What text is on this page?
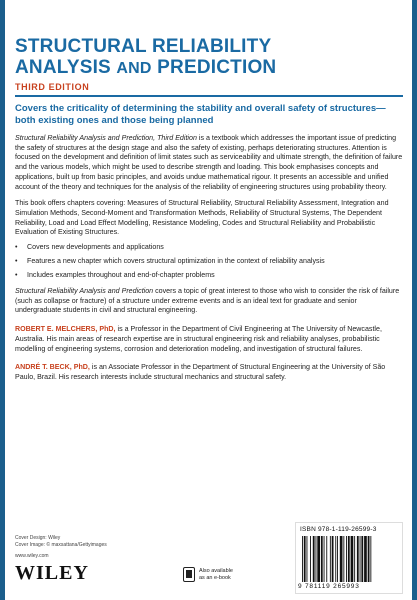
STRUCTURAL RELIABILITY
ANALYSIS AND PREDICTION
THIRD EDITION

Covers the criticality of determining the stability and overall safety of structures—both existing ones and those being planned

Structural Reliability Analysis and Prediction, Third Edition is a textbook which addresses the important issue of predicting the safety of structures at the design stage and also the safety of existing, perhaps deteriorating structures. Attention is focused on the development and definition of limit states such as serviceability and ultimate strength, the definition of failure and the various models, which might be used to describe strength and loading. This book emphasises concepts and applications, built up from basic principles, and avoids undue mathematical rigour. It presents an accessible and unified account of the theory and techniques for the analysis of the reliability of engineering structures using probability theory.

This book offers chapters covering: Measures of Structural Reliability, Structural Reliability Assessment, Integration and Simulation Methods, Second-Moment and Transformation Methods, Reliability of Structural Systems, The Dependent Reliability, Load and Load Effect Modelling, Resistance Modeling, Codes and Structural Reliability and Probabilistic Evaluation of Existing Structures.

•	Covers new developments and applications
•	Features a new chapter which covers structural optimization in the context of reliability analysis
•	Includes examples throughout and end-of-chapter problems

Structural Reliability Analysis and Prediction covers a topic of great interest to those who wish to consider the risk of failure (such as collapse or fracture) of a structure under extreme events and is an ideal text for graduate and senior undergraduate students in civil and structural engineering.

ROBERT E. MELCHERS, PhD, is a Professor in the Department of Civil Engineering at The University of Newcastle, Australia. His main areas of research expertise are in structural engineering risk and reliability analyses, probabilistic modelling of engineering systems, corrosion and deterioration modeling, and investigation of structural failures.

ANDRÉ T. BECK, PhD, is an Associate Professor in the Department of Structural Engineering at the University of São Paulo, Brazil. His research interests include structural mechanics and structural safety.

Cover Design: Wiley
Cover Image: © maxsattana/Gettyimages
www.wiley.com
WILEY	Also available
as an e-book
ISBN 978-1-119-26599-3
9 781119 265993
